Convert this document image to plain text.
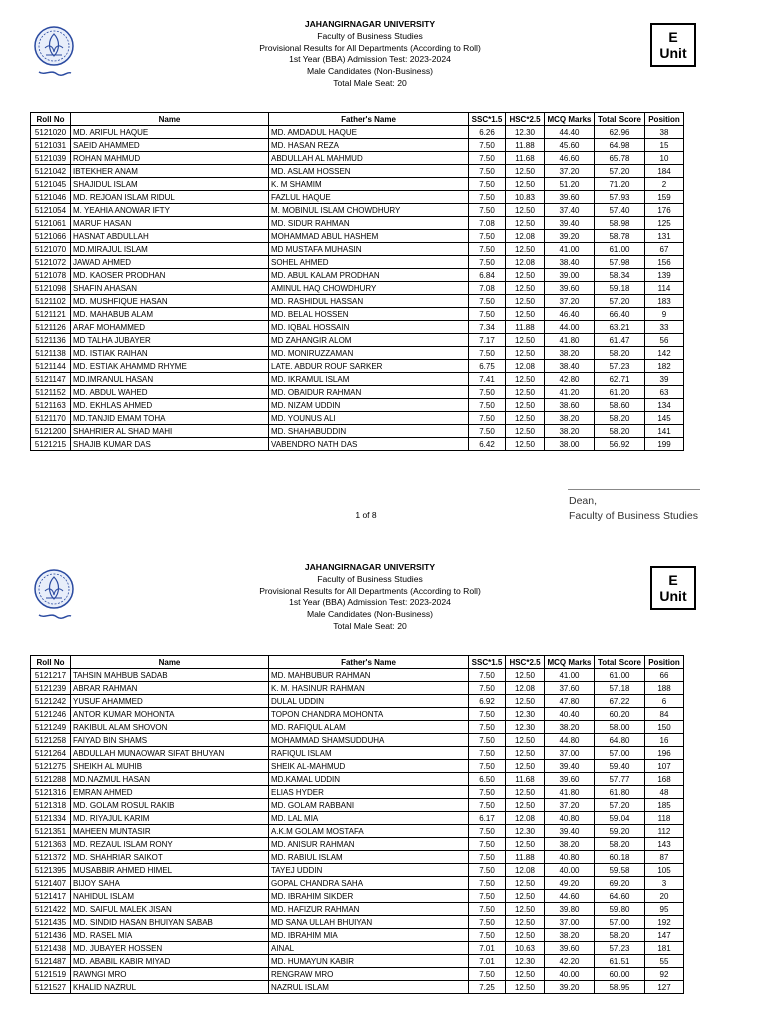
JAHANGIRNAGAR UNIVERSITY
Faculty of Business Studies
Provisional Results for All Departments (According to Roll)
1st Year (BBA) Admission Test: 2023-2024
Male Candidates (Non-Business)
Total Male Seat: 20
E
Unit
Roll No	Name	Father's Name	SSC*1.5	HSC*2.5	MCQ Marks	Total Score	Position
5121020	MD. ARIFUL HAQUE	MD. AMDADUL HAQUE	6.26	12.30	44.40	62.96	38
5121031	SAEID AHAMMED	MD. HASAN REZA	7.50	11.88	45.60	64.98	15
5121039	ROHAN MAHMUD	ABDULLAH AL MAHMUD	7.50	11.68	46.60	65.78	10
5121042	IBTEKHER ANAM	MD. ASLAM HOSSEN	7.50	12.50	37.20	57.20	184
5121045	SHAJIDUL ISLAM	K. M SHAMIM	7.50	12.50	51.20	71.20	2
5121046	MD. REJOAN ISLAM RIDUL	FAZLUL HAQUE	7.50	10.83	39.60	57.93	159
5121054	M. YEAHIA ANOWAR IFTY	M. MOBINUL ISLAM CHOWDHURY	7.50	12.50	37.40	57.40	176
5121061	MARUF HASAN	MD. SIDUR RAHMAN	7.08	12.50	39.40	58.98	125
5121066	HASNAT ABDULLAH	MOHAMMAD ABUL HASHEM	7.50	12.08	39.20	58.78	131
5121070	MD.MIRAJUL ISLAM	MD MUSTAFA MUHASIN	7.50	12.50	41.00	61.00	67
5121072	JAWAD AHMED	SOHEL AHMED	7.50	12.08	38.40	57.98	156
5121078	MD. KAOSER PRODHAN	MD. ABUL KALAM PRODHAN	6.84	12.50	39.00	58.34	139
5121098	SHAFIN AHASAN	AMINUL HAQ CHOWDHURY	7.08	12.50	39.60	59.18	114
5121102	MD. MUSHFIQUE HASAN	MD. RASHIDUL HASSAN	7.50	12.50	37.20	57.20	183
5121121	MD. MAHABUB ALAM	MD. BELAL HOSSEN	7.50	12.50	46.40	66.40	9
5121126	ARAF MOHAMMED	MD. IQBAL HOSSAIN	7.34	11.88	44.00	63.21	33
5121136	MD TALHA JUBAYER	MD ZAHANGIR ALOM	7.17	12.50	41.80	61.47	56
5121138	MD. ISTIAK RAIHAN	MD. MONIRUZZAMAN	7.50	12.50	38.20	58.20	142
5121144	MD. ESTIAK AHAMMD RHYME	LATE. ABDUR ROUF SARKER	6.75	12.08	38.40	57.23	182
5121147	MD.IMRANUL HASAN	MD. IKRAMUL ISLAM	7.41	12.50	42.80	62.71	39
5121152	MD. ABDUL WAHED	MD. OBAIDUR RAHMAN	7.50	12.50	41.20	61.20	63
5121163	MD. EKHLAS AHMED	MD. NIZAM UDDIN	7.50	12.50	38.60	58.60	134
5121170	MD.TANJID EMAM TOHA	MD. YOUNUS ALI	7.50	12.50	38.20	58.20	145
5121200	SHAHRIER AL SHAD MAHI	MD. SHAHABUDDIN	7.50	12.50	38.20	58.20	141
5121215	SHAJIB KUMAR DAS	VABENDRO NATH DAS	6.42	12.50	38.00	56.92	199
Dean,
Faculty of Business Studies
1 of 8
JAHANGIRNAGAR UNIVERSITY
Faculty of Business Studies
Provisional Results for All Departments (According to Roll)
1st Year (BBA) Admission Test: 2023-2024
Male Candidates (Non-Business)
Total Male Seat: 20
E
Unit
Roll No	Name	Father's Name	SSC*1.5	HSC*2.5	MCQ Marks	Total Score	Position
5121217	TAHSIN MAHBUB SADAB	MD. MAHBUBUR RAHMAN	7.50	12.50	41.00	61.00	66
5121239	ABRAR RAHMAN	K. M. HASINUR RAHMAN	7.50	12.08	37.60	57.18	188
5121242	YUSUF AHAMMED	DULAL UDDIN	6.92	12.50	47.80	67.22	6
5121246	ANTOR KUMAR MOHONTA	TOPON CHANDRA MOHONTA	7.50	12.30	40.40	60.20	84
5121249	RAKIBUL ALAM SHOVON	MD. RAFIQUL ALAM	7.50	12.30	38.20	58.00	150
5121258	FAIYAD BIN SHAMS	MOHAMMAD SHAMSUDDUHA	7.50	12.50	44.80	64.80	16
5121264	ABDULLAH MUNAOWAR SIFAT BHUYAN	RAFIQUL ISLAM	7.50	12.50	37.00	57.00	196
5121275	SHEIKH AL MUHIB	SHEIK AL-MAHMUD	7.50	12.50	39.40	59.40	107
5121288	MD.NAZMUL HASAN	MD.KAMAL UDDIN	6.50	11.68	39.60	57.77	168
5121316	EMRAN AHMED	ELIAS HYDER	7.50	12.50	41.80	61.80	48
5121318	MD. GOLAM ROSUL RAKIB	MD. GOLAM RABBANI	7.50	12.50	37.20	57.20	185
5121334	MD. RIYAJUL KARIM	MD. LAL MIA	6.17	12.08	40.80	59.04	118
5121351	MAHEEN MUNTASIR	A.K.M GOLAM MOSTAFA	7.50	12.30	39.40	59.20	112
5121363	MD. REZAUL ISLAM RONY	MD. ANISUR RAHMAN	7.50	12.50	38.20	58.20	143
5121372	MD. SHAHRIAR SAIKOT	MD. RABIUL ISLAM	7.50	11.88	40.80	60.18	87
5121395	MUSABBIR AHMED HIMEL	TAYEJ UDDIN	7.50	12.08	40.00	59.58	105
5121407	BIJOY SAHA	GOPAL CHANDRA SAHA	7.50	12.50	49.20	69.20	3
5121417	NAHIDUL ISLAM	MD. IBRAHIM SIKDER	7.50	12.50	44.60	64.60	20
5121422	MD. SAIFUL MALEK JISAN	MD. HAFIZUR RAHMAN	7.50	12.50	39.80	59.80	95
5121435	MD. SINDID HASAN BHUIYAN SABAB	MD SANA ULLAH BHUIYAN	7.50	12.50	37.00	57.00	192
5121436	MD. RASEL MIA	MD. IBRAHIM MIA	7.50	12.50	38.20	58.20	147
5121438	MD. JUBAYER HOSSEN	AINAL	7.01	10.63	39.60	57.23	181
5121487	MD. ABABIL KABIR MIYAD	MD. HUMAYUN KABIR	7.01	12.30	42.20	61.51	55
5121519	RAWNGI MRO	RENGRAW MRO	7.50	12.50	40.00	60.00	92
5121527	KHALID NAZRUL	NAZRUL ISLAM	7.25	12.50	39.20	58.95	127
